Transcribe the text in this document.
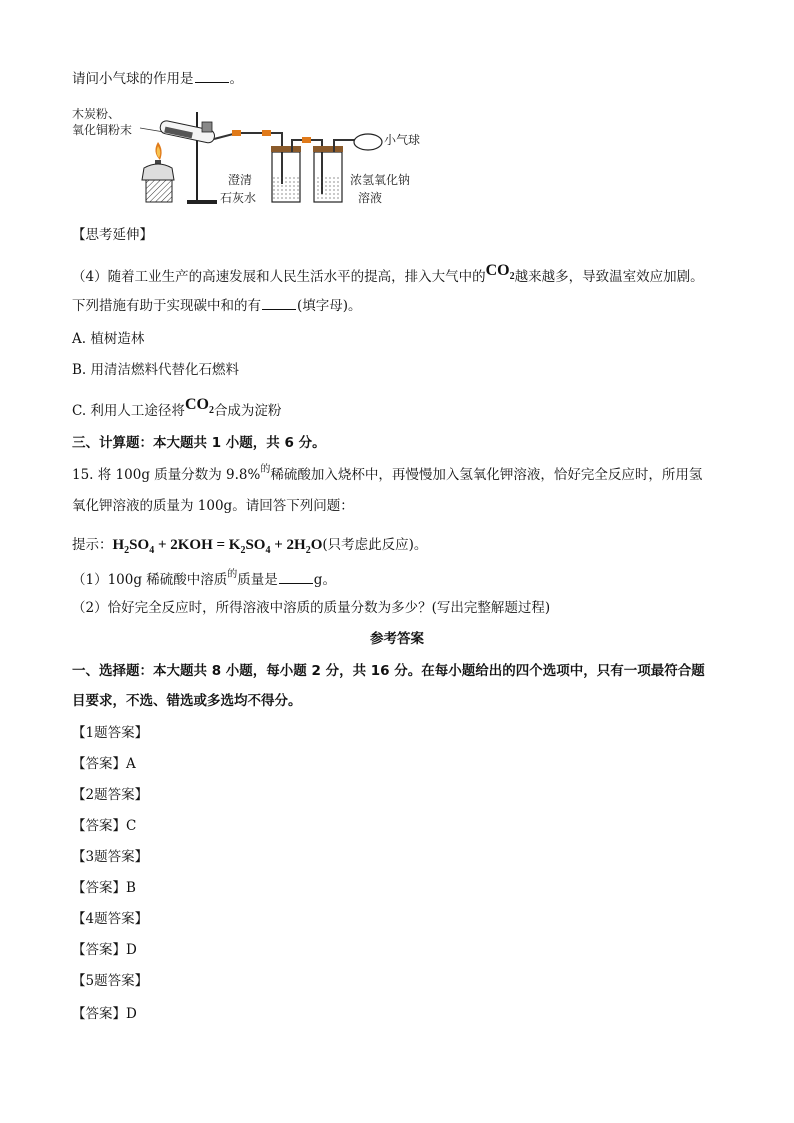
请问小气球的作用是	。
木炭粉、
氧化铜粉末
小气球
澄清
石灰水
浓氢氧化钠
溶液
【思考延伸】
（4）随着工业生产的高速发展和人民生活水平的提高，排入大气中的$CO_2$越来越多，导致温室效应加剧。
下列措施有助于实现碳中和的有	(填字母)。
A. 植树造林
B. 用清洁燃料代替化石燃料
C. 利用人工途径将$CO_2$合成为淀粉
三、计算题：本大题共 1 小题，共 6 分。
15. 将 100g 质量分数为 9.8%$^的$稀硫酸加入烧杯中，再慢慢加入氢氧化钾溶液，恰好完全反应时，所用氢
氧化钾溶液的质量为 100g。请回答下列问题：
提示：$H_2SO_4 + 2KOH = K_2SO_4 + 2H_2O$(只考虑此反应)。
（1）100g 稀硫酸中溶质$^的$质量是	g。
（2）恰好完全反应时，所得溶液中溶质的质量分数为多少？(写出完整解题过程)
参考答案
一、选择题：本大题共 8 小题，每小题 2 分，共 16 分。在每小题给出的四个选项中，只有一项最符合题
目要求，不选、错选或多选均不得分。
【1题答案】
【答案】A
【2题答案】
【答案】C
【3题答案】
【答案】B
【4题答案】
【答案】D
【5题答案】
【答案】D
